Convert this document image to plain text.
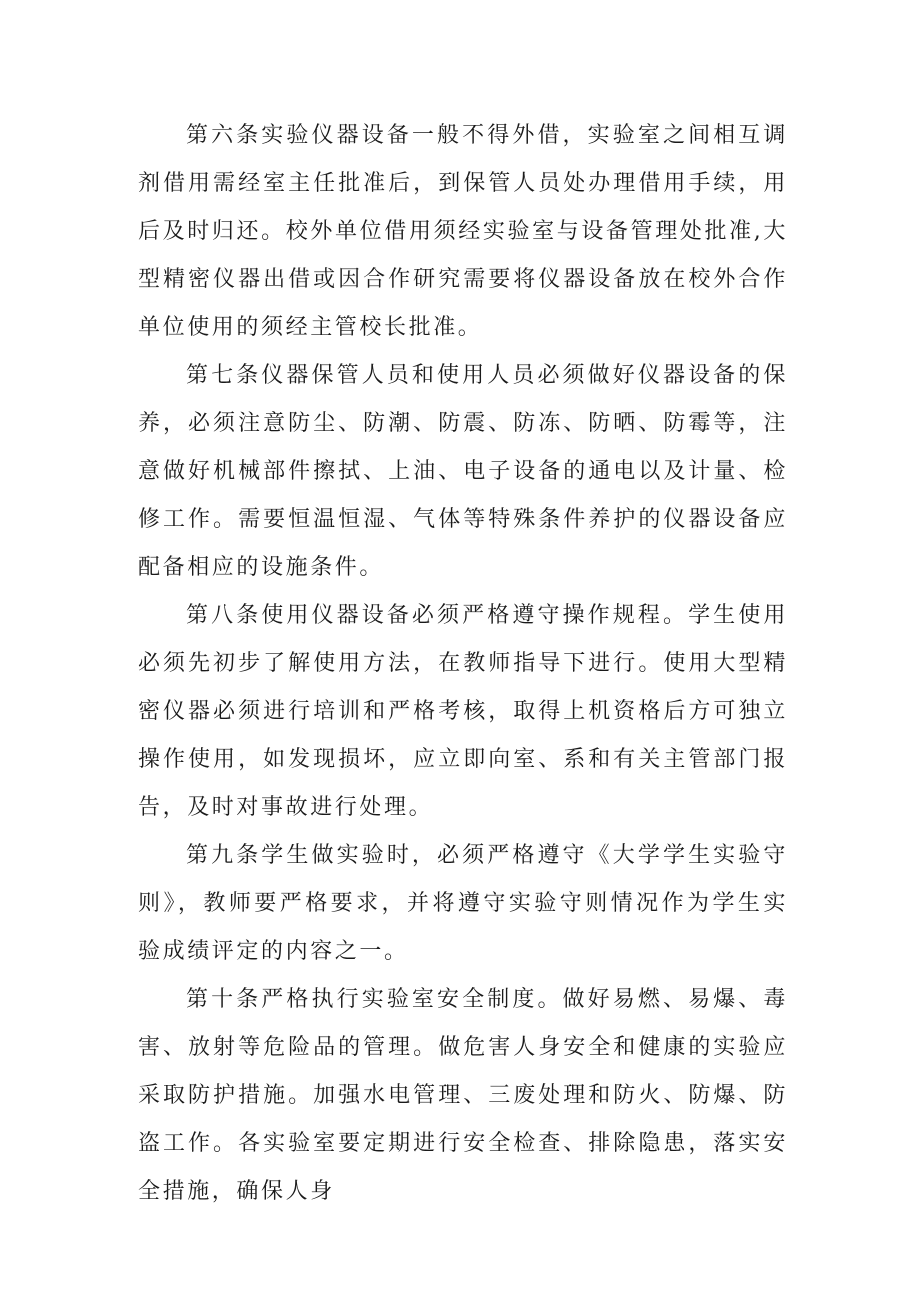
第六条实验仪器设备一般不得外借，实验室之间相互调剂借用需经室主任批准后，到保管人员处办理借用手续，用后及时归还。校外单位借用须经实验室与设备管理处批准,大型精密仪器出借或因合作研究需要将仪器设备放在校外合作单位使用的须经主管校长批准。

第七条仪器保管人员和使用人员必须做好仪器设备的保养，必须注意防尘、防潮、防震、防冻、防晒、防霉等，注意做好机械部件擦拭、上油、电子设备的通电以及计量、检修工作。需要恒温恒湿、气体等特殊条件养护的仪器设备应配备相应的设施条件。

第八条使用仪器设备必须严格遵守操作规程。学生使用必须先初步了解使用方法，在教师指导下进行。使用大型精密仪器必须进行培训和严格考核，取得上机资格后方可独立操作使用，如发现损坏，应立即向室、系和有关主管部门报告，及时对事故进行处理。

第九条学生做实验时，必须严格遵守《大学学生实验守则》，教师要严格要求，并将遵守实验守则情况作为学生实验成绩评定的内容之一。

第十条严格执行实验室安全制度。做好易燃、易爆、毒害、放射等危险品的管理。做危害人身安全和健康的实验应采取防护措施。加强水电管理、三废处理和防火、防爆、防盗工作。各实验室要定期进行安全检查、排除隐患，落实安全措施，确保人身
